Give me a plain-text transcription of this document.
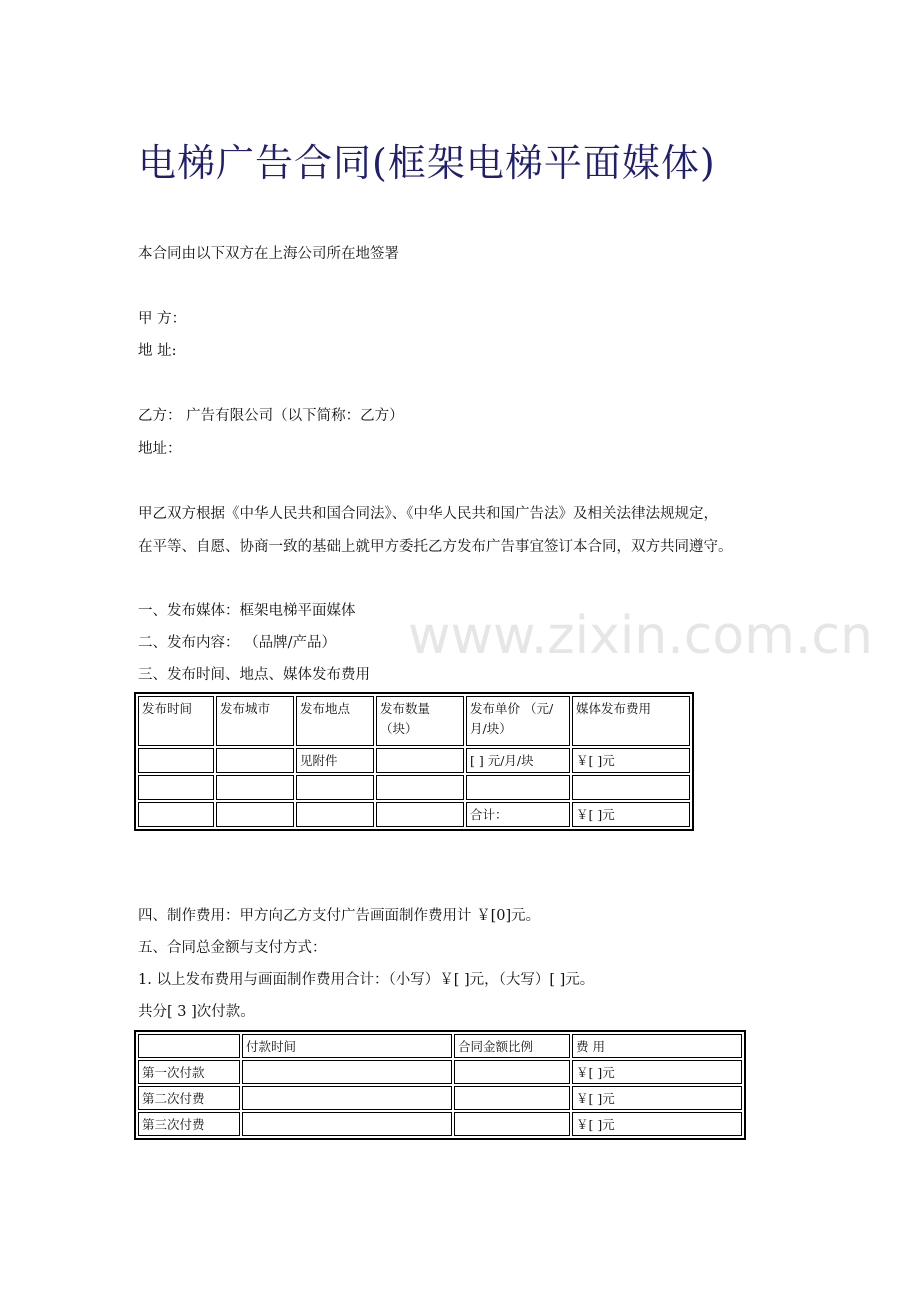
www.zixin.com.cn
电梯广告合同(框架电梯平面媒体)
本合同由以下双方在上海公司所在地签署
甲 方：
地 址:
乙方： 广告有限公司（以下简称：乙方）
地址：
甲乙双方根据《中华人民共和国合同法》、《中华人民共和国广告法》及相关法律法规规定，
在平等、自愿、协商一致的基础上就甲方委托乙方发布广告事宜签订本合同，双方共同遵守。
一、发布媒体：框架电梯平面媒体
二、发布内容： （品牌/产品）
三、发布时间、地点、媒体发布费用
发布时间	发布城市	发布地点	发布数量（块）	发布单价 （元/月/块）	媒体发布费用
		见附件		[ ] 元/月/块	￥[ ]元

				合计：	￥[ ]元
四、制作费用：甲方向乙方支付广告画面制作费用计 ￥[0]元。
五、合同总金额与支付方式：
1. 以上发布费用与画面制作费用合计：（小写）￥[ ]元，（大写）[ ]元。
共分[ 3 ]次付款。
	付款时间	合同金额比例	费 用
第一次付款			￥[ ]元
第二次付费			￥[ ]元
第三次付费			￥[ ]元
